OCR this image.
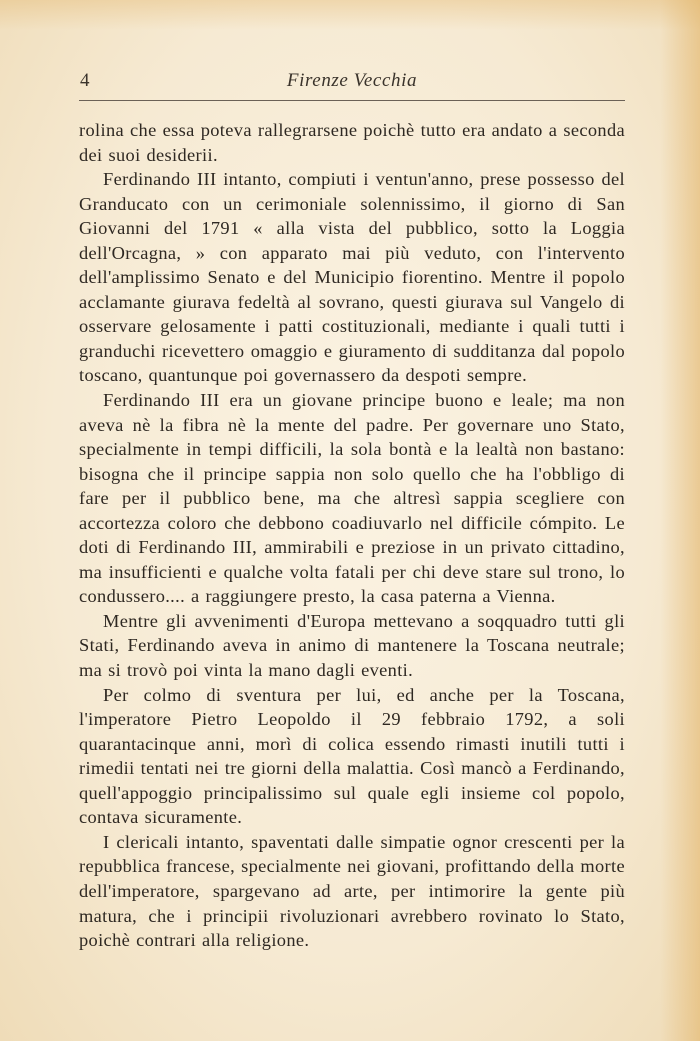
4	Firenze Vecchia

rolina che essa poteva rallegrarsene poichè tutto era andato a seconda dei suoi desiderii.

Ferdinando III intanto, compiuti i ventun'anno, prese possesso del Granducato con un cerimoniale solennissimo, il giorno di San Giovanni del 1791 « alla vista del pubblico, sotto la Loggia dell'Orcagna, » con apparato mai più veduto, con l'intervento dell'amplissimo Senato e del Municipio fiorentino. Mentre il popolo acclamante giurava fedeltà al sovrano, questi giurava sul Vangelo di osservare gelosamente i patti costituzionali, mediante i quali tutti i granduchi ricevettero omaggio e giuramento di sudditanza dal popolo toscano, quantunque poi governassero da despoti sempre.

Ferdinando III era un giovane principe buono e leale; ma non aveva nè la fibra nè la mente del padre. Per governare uno Stato, specialmente in tempi difficili, la sola bontà e la lealtà non bastano: bisogna che il principe sappia non solo quello che ha l'obbligo di fare per il pubblico bene, ma che altresì sappia scegliere con accortezza coloro che debbono coadiuvarlo nel difficile cómpito. Le doti di Ferdinando III, ammirabili e preziose in un privato cittadino, ma insufficienti e qualche volta fatali per chi deve stare sul trono, lo condussero.... a raggiungere presto, la casa paterna a Vienna.

Mentre gli avvenimenti d'Europa mettevano a soqquadro tutti gli Stati, Ferdinando aveva in animo di mantenere la Toscana neutrale; ma si trovò poi vinta la mano dagli eventi.

Per colmo di sventura per lui, ed anche per la Toscana, l'imperatore Pietro Leopoldo il 29 febbraio 1792, a soli quarantacinque anni, morì di colica essendo rimasti inutili tutti i rimedii tentati nei tre giorni della malattia. Così mancò a Ferdinando, quell'appoggio principalissimo sul quale egli insieme col popolo, contava sicuramente.

I clericali intanto, spaventati dalle simpatie ognor crescenti per la repubblica francese, specialmente nei giovani, profittando della morte dell'imperatore, spargevano ad arte, per intimorire la gente più matura, che i principii rivoluzionari avrebbero rovinato lo Stato, poichè contrari alla religione.
